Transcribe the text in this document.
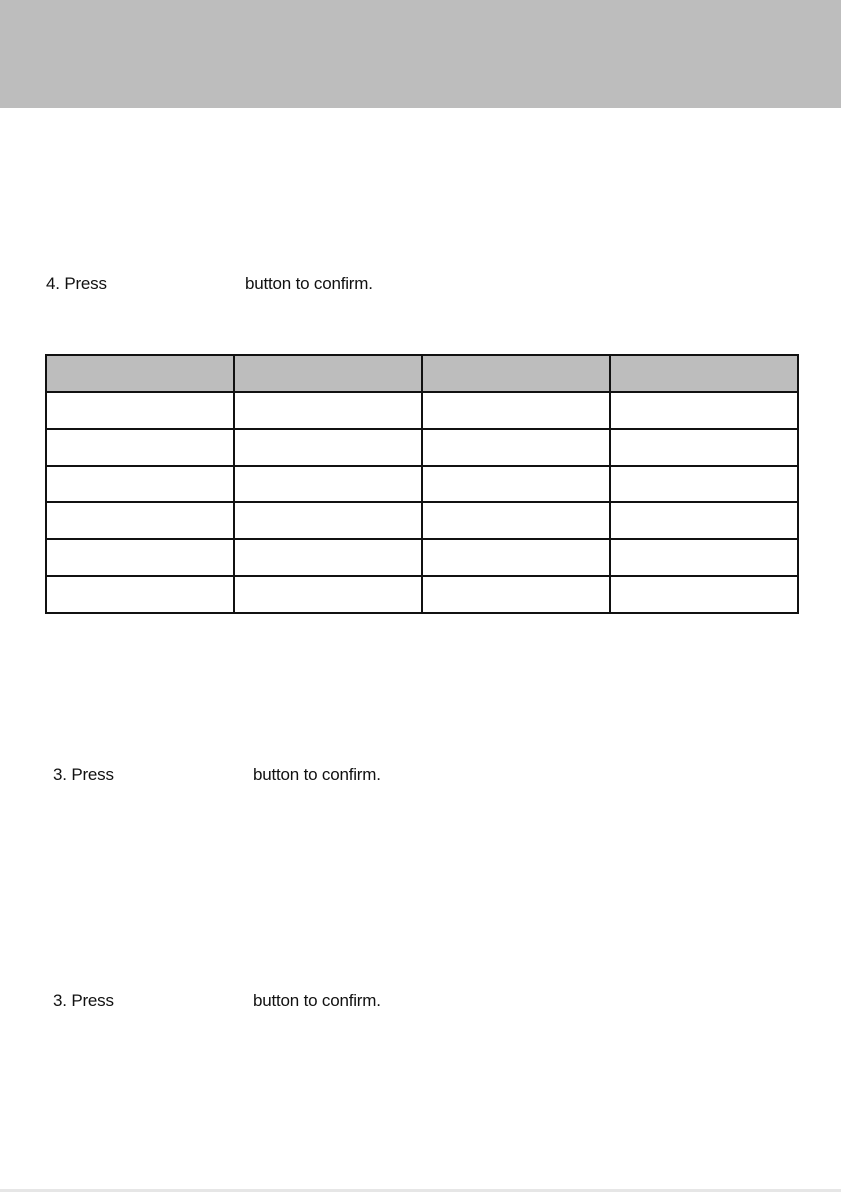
4. Press	button to confirm.

3. Press	button to confirm.
3. Press	button to confirm.
